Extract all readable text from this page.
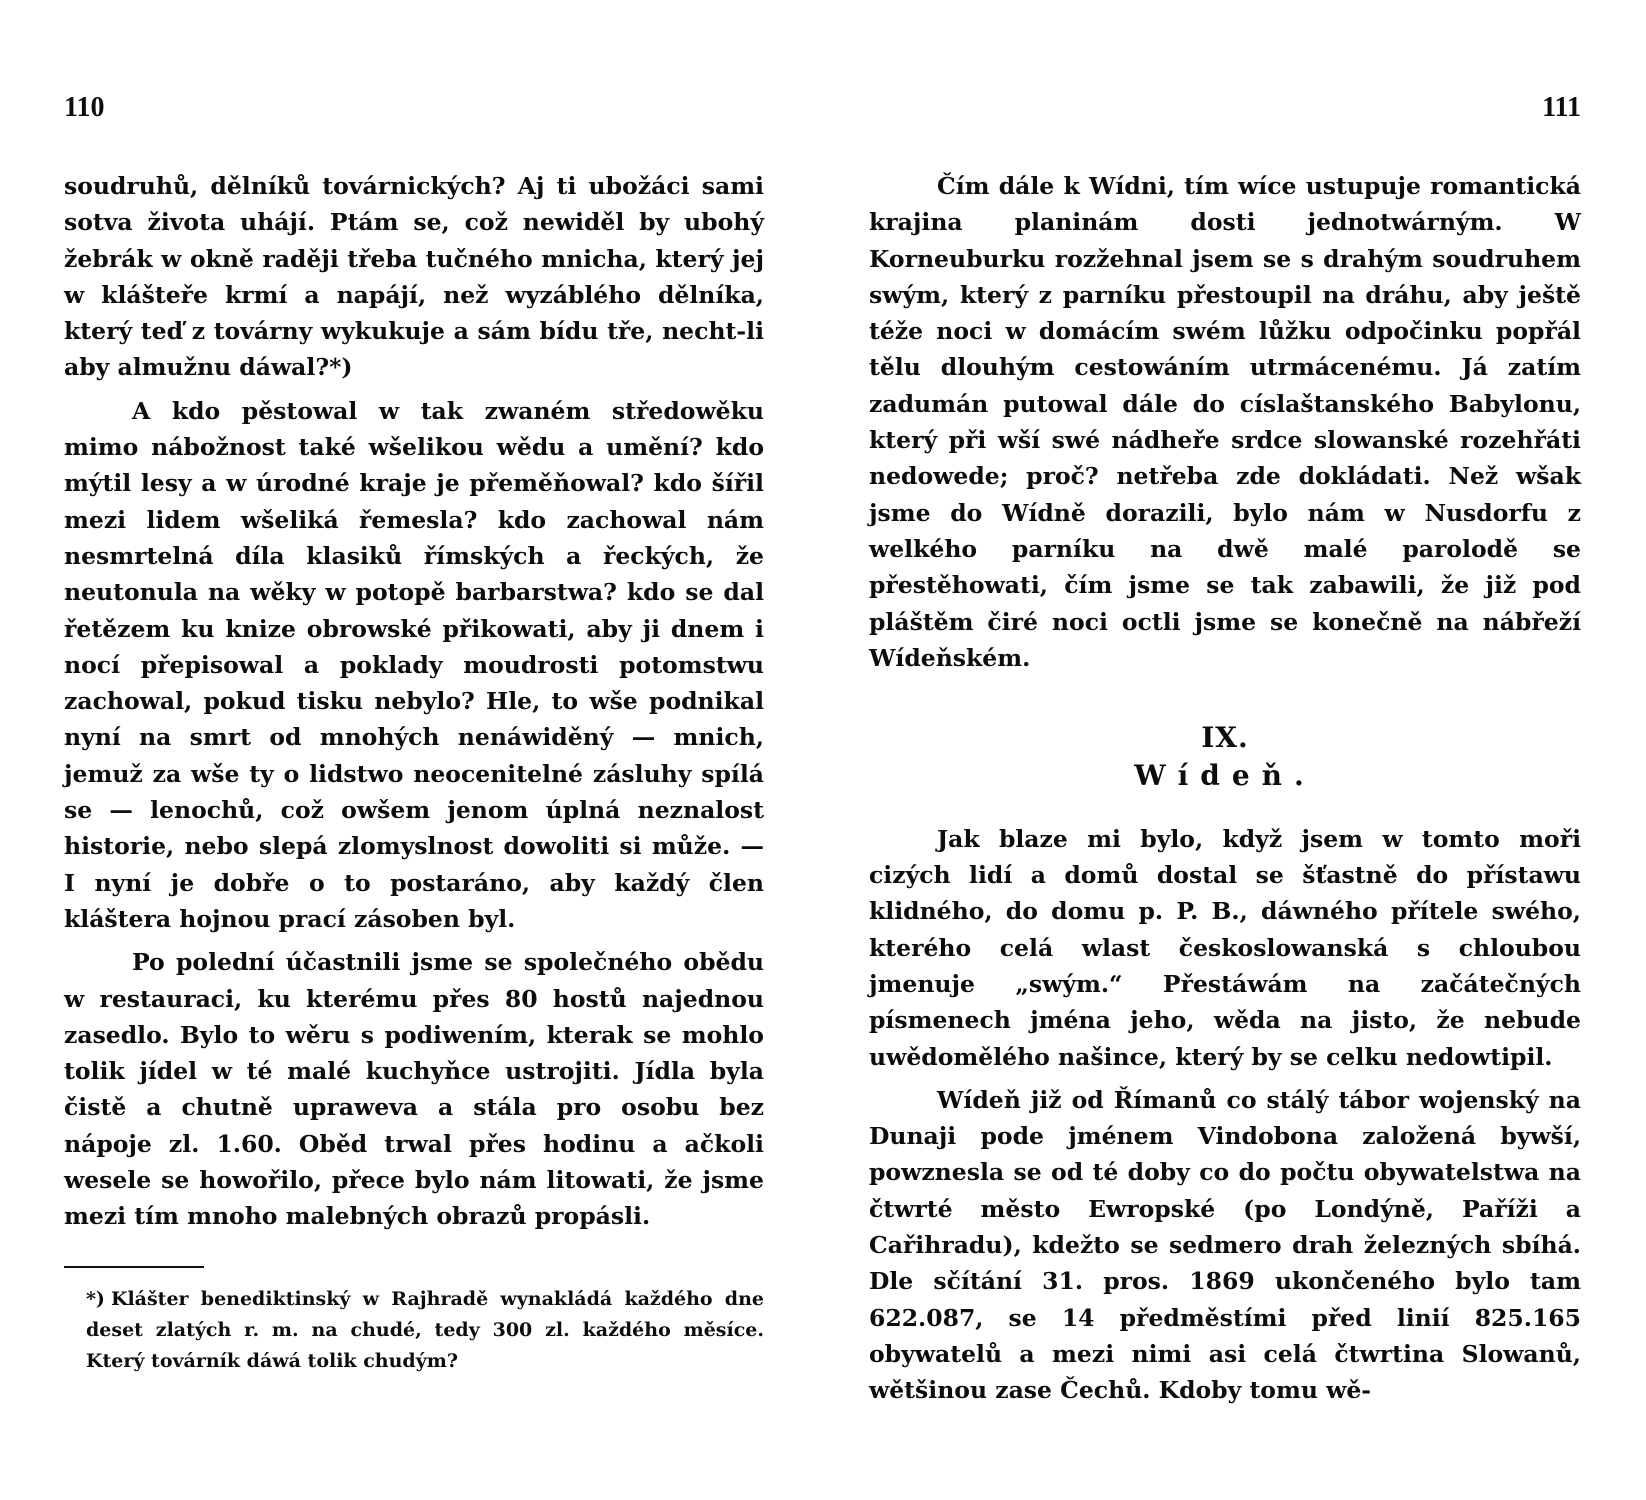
110

soudruhů, dělníků továrnických? Aj ti ubožáci sami sotva života uhájí. Ptám se, což newiděl by ubohý žebrák w okně raději třeba tučného mnicha, který jej w klášteře krmí a napájí, než wyzáblého dělníka, který teď z továrny wykukuje a sám bídu tře, necht-li aby almužnu dáwal?*)

A kdo pěstowal w tak zwaném středowěku mimo nábožnost také wšelikou wědu a umění? kdo mýtil lesy a w úrodné kraje je přeměňowal? kdo šířil mezi lidem wšeliká řemesla? kdo zachowal nám nesmrtelná díla klasiků římských a řeckých, že neutonula na wěky w potopě barbarstwa? kdo se dal řetězem ku knize obrowské přikowati, aby ji dnem i nocí přepisowal a poklady moudrosti potomstwu zachowal, pokud tisku nebylo? Hle, to wše podnikal nyní na smrt od mnohých nenáwiděný — mnich, jemuž za wše ty o lidstwo neocenitelné zásluhy spílá se — lenochů, což owšem jenom úplná neznalost historie, nebo slepá zlomyslnost dowoliti si může. — I nyní je dobře o to postaráno, aby každý člen kláštera hojnou prací zásoben byl.

Po polední účastnili jsme se společného obědu w restauraci, ku kterému přes 80 hostů najednou zasedlo. Bylo to wěru s podiwením, kterak se mohlo tolik jídel w té malé kuchyňce ustrojiti. Jídla byla čistě a chutně upraweva a stála pro osobu bez nápoje zl. 1.60. Oběd trwal přes hodinu a ačkoli wesele se howořilo, přece bylo nám litowati, že jsme mezi tím mnoho malebných obrazů propásli.

*) Klášter benediktinský w Rajhradě wynakládá každého dne deset zlatých r. m. na chudé, tedy 300 zl. každého měsíce. Který továrník dáwá tolik chudým?
111

Čím dále k Wídni, tím wíce ustupuje romantická krajina planinám dosti jednotwárným. W Korneuburku rozžehnal jsem se s drahým soudruhem swým, který z parníku přestoupil na dráhu, aby ještě téže noci w domácím swém lůžku odpočinku popřál tělu dlouhým cestowáním utrmácenému. Já zatím zadumán putowal dále do císlaštanského Babylonu, který při wší swé nádheře srdce slowanské rozehřáti nedowede; proč? netřeba zde dokládati. Než wšak jsme do Wídně dorazili, bylo nám w Nusdorfu z welkého parníku na dwě malé parolodě se přestěhowati, čím jsme se tak zabawili, že již pod pláštěm čiré noci octli jsme se konečně na nábřeží Wídeňském.

IX.
Wídeň.

Jak blaze mi bylo, když jsem w tomto moři cizých lidí a domů dostal se šťastně do přístawu klidného, do domu p. P. B., dáwného přítele swého, kterého celá wlast českoslowanská s chloubou jmenuje „swým.“ Přestáwám na začátečných písmenech jména jeho, wěda na jisto, že nebude uwědomělého našince, který by se celku nedowtipil.

Wídeň již od Římanů co stálý tábor wojenský na Dunaji pode jménem Vindobona založená bywší, powznesla se od té doby co do počtu obywatelstwa na čtwrté město Ewropské (po Londýně, Paříži a Cařihradu), kdežto se sedmero drah železných sbíhá. Dle sčítání 31. pros. 1869 ukončeného bylo tam 622.087, se 14 předměstími před linií 825.165 obywatelů a mezi nimi asi celá čtwrtina Slowanů, wětšinou zase Čechů. Kdoby tomu wě-
